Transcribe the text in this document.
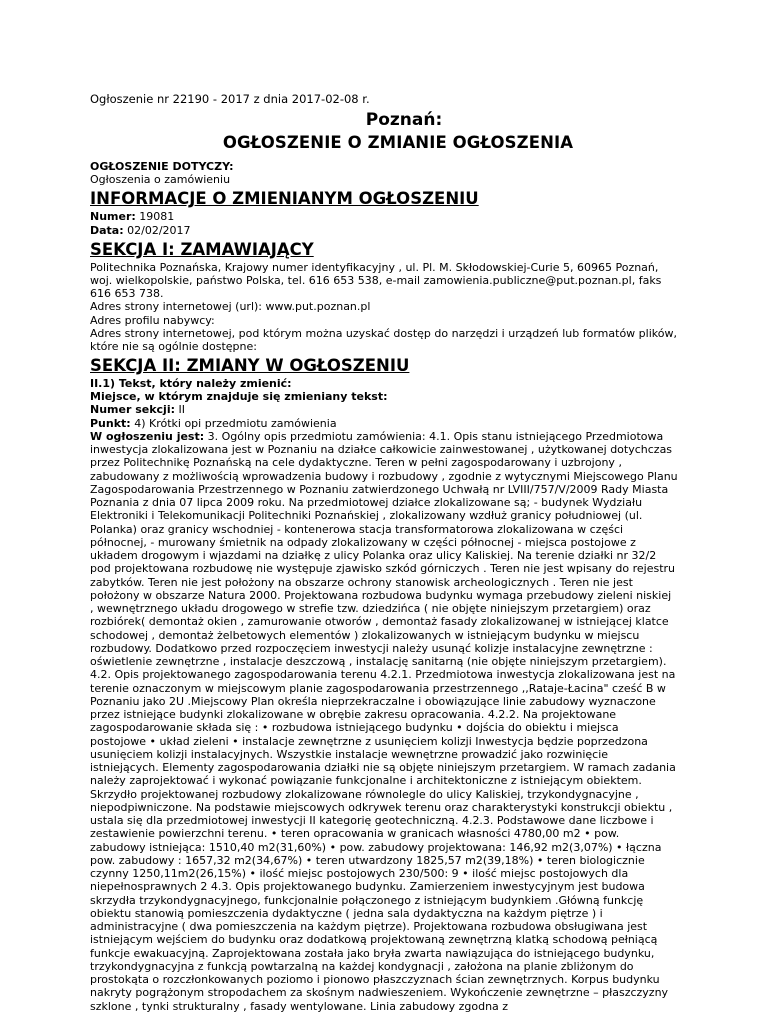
Ogłoszenie nr 22190 - 2017 z dnia 2017-02-08 r.
Poznań:
OGŁOSZENIE O ZMIANIE OGŁOSZENIA
OGŁOSZENIE DOTYCZY:
Ogłoszenia o zamówieniu
INFORMACJE O ZMIENIANYM OGŁOSZENIU
Numer: 19081
Data: 02/02/2017
SEKCJA I: ZAMAWIAJĄCY
Politechnika Poznańska, Krajowy numer identyfikacyjny , ul. Pl. M. Skłodowskiej-Curie 5, 60965 Poznań, woj. wielkopolskie, państwo Polska, tel. 616 653 538, e-mail zamowienia.publiczne@put.poznan.pl, faks 616 653 738.
Adres strony internetowej (url): www.put.poznan.pl
Adres profilu nabywcy:
Adres strony internetowej, pod którym można uzyskać dostęp do narzędzi i urządzeń lub formatów plików, które nie są ogólnie dostępne:
SEKCJA II: ZMIANY W OGŁOSZENIU
II.1) Tekst, który należy zmienić:
Miejsce, w którym znajduje się zmieniany tekst:
Numer sekcji: II
Punkt: 4) Krótki opi przedmiotu zamówienia
W ogłoszeniu jest: 3. Ogólny opis przedmiotu zamówienia: 4.1. Opis stanu istniejącego Przedmiotowa inwestycja zlokalizowana jest w Poznaniu na działce całkowicie zainwestowanej , użytkowanej dotychczas przez Politechnikę Poznańską na cele dydaktyczne. Teren w pełni zagospodarowany i uzbrojony , zabudowany z możliwością wprowadzenia budowy i rozbudowy , zgodnie z wytycznymi Miejscowego Planu Zagospodarowania Przestrzennego w Poznaniu zatwierdzonego Uchwałą nr LVIII/757/V/2009 Rady Miasta Poznania z dnia 07 lipca 2009 roku. Na przedmiotowej działce zlokalizowane są; - budynek Wydziału Elektroniki i Telekomunikacji Politechniki Poznańskiej , zlokalizowany wzdłuż granicy południowej (ul. Polanka) oraz granicy wschodniej - kontenerowa stacja transformatorowa zlokalizowana w części północnej, - murowany śmietnik na odpady zlokalizowany w części północnej - miejsca postojowe z układem drogowym i wjazdami na działkę z ulicy Polanka oraz ulicy Kaliskiej. Na terenie działki nr 32/2 pod projektowana rozbudowę nie występuje zjawisko szkód górniczych . Teren nie jest wpisany do rejestru zabytków. Teren nie jest położony na obszarze ochrony stanowisk archeologicznych . Teren nie jest położony w obszarze Natura 2000. Projektowana rozbudowa budynku wymaga przebudowy zieleni niskiej , wewnętrznego układu drogowego w strefie tzw. dziedzińca ( nie objęte niniejszym przetargiem) oraz rozbiórek( demontaż okien , zamurowanie otworów , demontaż fasady zlokalizowanej w istniejącej klatce schodowej , demontaż żelbetowych elementów ) zlokalizowanych w istniejącym budynku w miejscu rozbudowy. Dodatkowo przed rozpoczęciem inwestycji należy usunąć kolizje instalacyjne zewnętrzne : oświetlenie zewnętrzne , instalacje deszczową , instalację sanitarną (nie objęte niniejszym przetargiem). 4.2. Opis projektowanego zagospodarowania terenu 4.2.1. Przedmiotowa inwestycja zlokalizowana jest na terenie oznaczonym w miejscowym planie zagospodarowania przestrzennego ,,Rataje-Łacina" cześć B w Poznaniu jako 2U .Miejscowy Plan określa nieprzekraczalne i obowiązujące linie zabudowy wyznaczone przez istniejące budynki zlokalizowane w obrębie zakresu opracowania. 4.2.2. Na projektowane zagospodarowanie składa się : • rozbudowa istniejącego budynku • dojścia do obiektu i miejsca postojowe • układ zieleni • instalacje zewnętrzne z usunięciem kolizji Inwestycja będzie poprzedzona usunięciem kolizji instalacyjnych. Wszystkie instalacje wewnętrzne prowadzić jako rozwinięcie istniejących. Elementy zagospodarowania działki nie są objęte niniejszym przetargiem. W ramach zadania należy zaprojektować i wykonać powiązanie funkcjonalne i architektoniczne z istniejącym obiektem. Skrzydło projektowanej rozbudowy zlokalizowane równolegle do ulicy Kaliskiej, trzykondygnacyjne , niepodpiwniczone. Na podstawie miejscowych odkrywek terenu oraz charakterystyki konstrukcji obiektu , ustala się dla przedmiotowej inwestycji II kategorię geotechniczną. 4.2.3. Podstawowe dane liczbowe i zestawienie powierzchni terenu. • teren opracowania w granicach własności 4780,00 m2 • pow. zabudowy istniejąca: 1510,40 m2(31,60%) • pow. zabudowy projektowana: 146,92 m2(3,07%) • łączna pow. zabudowy : 1657,32 m2(34,67%) • teren utwardzony 1825,57 m2(39,18%) • teren biologicznie czynny 1250,11m2(26,15%) • ilość miejsc postojowych 230/500: 9 • ilość miejsc postojowych dla niepełnosprawnych 2 4.3. Opis projektowanego budynku. Zamierzeniem inwestycyjnym jest budowa skrzydła trzykondygnacyjnego, funkcjonalnie połączonego z istniejącym budynkiem .Główną funkcję obiektu stanowią pomieszczenia dydaktyczne ( jedna sala dydaktyczna na każdym piętrze ) i administracyjne ( dwa pomieszczenia na każdym piętrze). Projektowana rozbudowa obsługiwana jest istniejącym wejściem do budynku oraz dodatkową projektowaną zewnętrzną klatką schodową pełniącą funkcje ewakuacyjną. Zaprojektowana została jako bryła zwarta nawiązująca do istniejącego budynku, trzykondygnacyjna z funkcją powtarzalną na każdej kondygnacji , założona na planie zbliżonym do prostokąta o rozczłonkowanych poziomo i pionowo płaszczyznach ścian zewnętrznych. Korpus budynku nakryty pogrążonym stropodachem za skośnym nadwieszeniem. Wykończenie zewnętrzne – płaszczyzny szklone , tynki strukturalny , fasady wentylowane. Linia zabudowy zgodna z
